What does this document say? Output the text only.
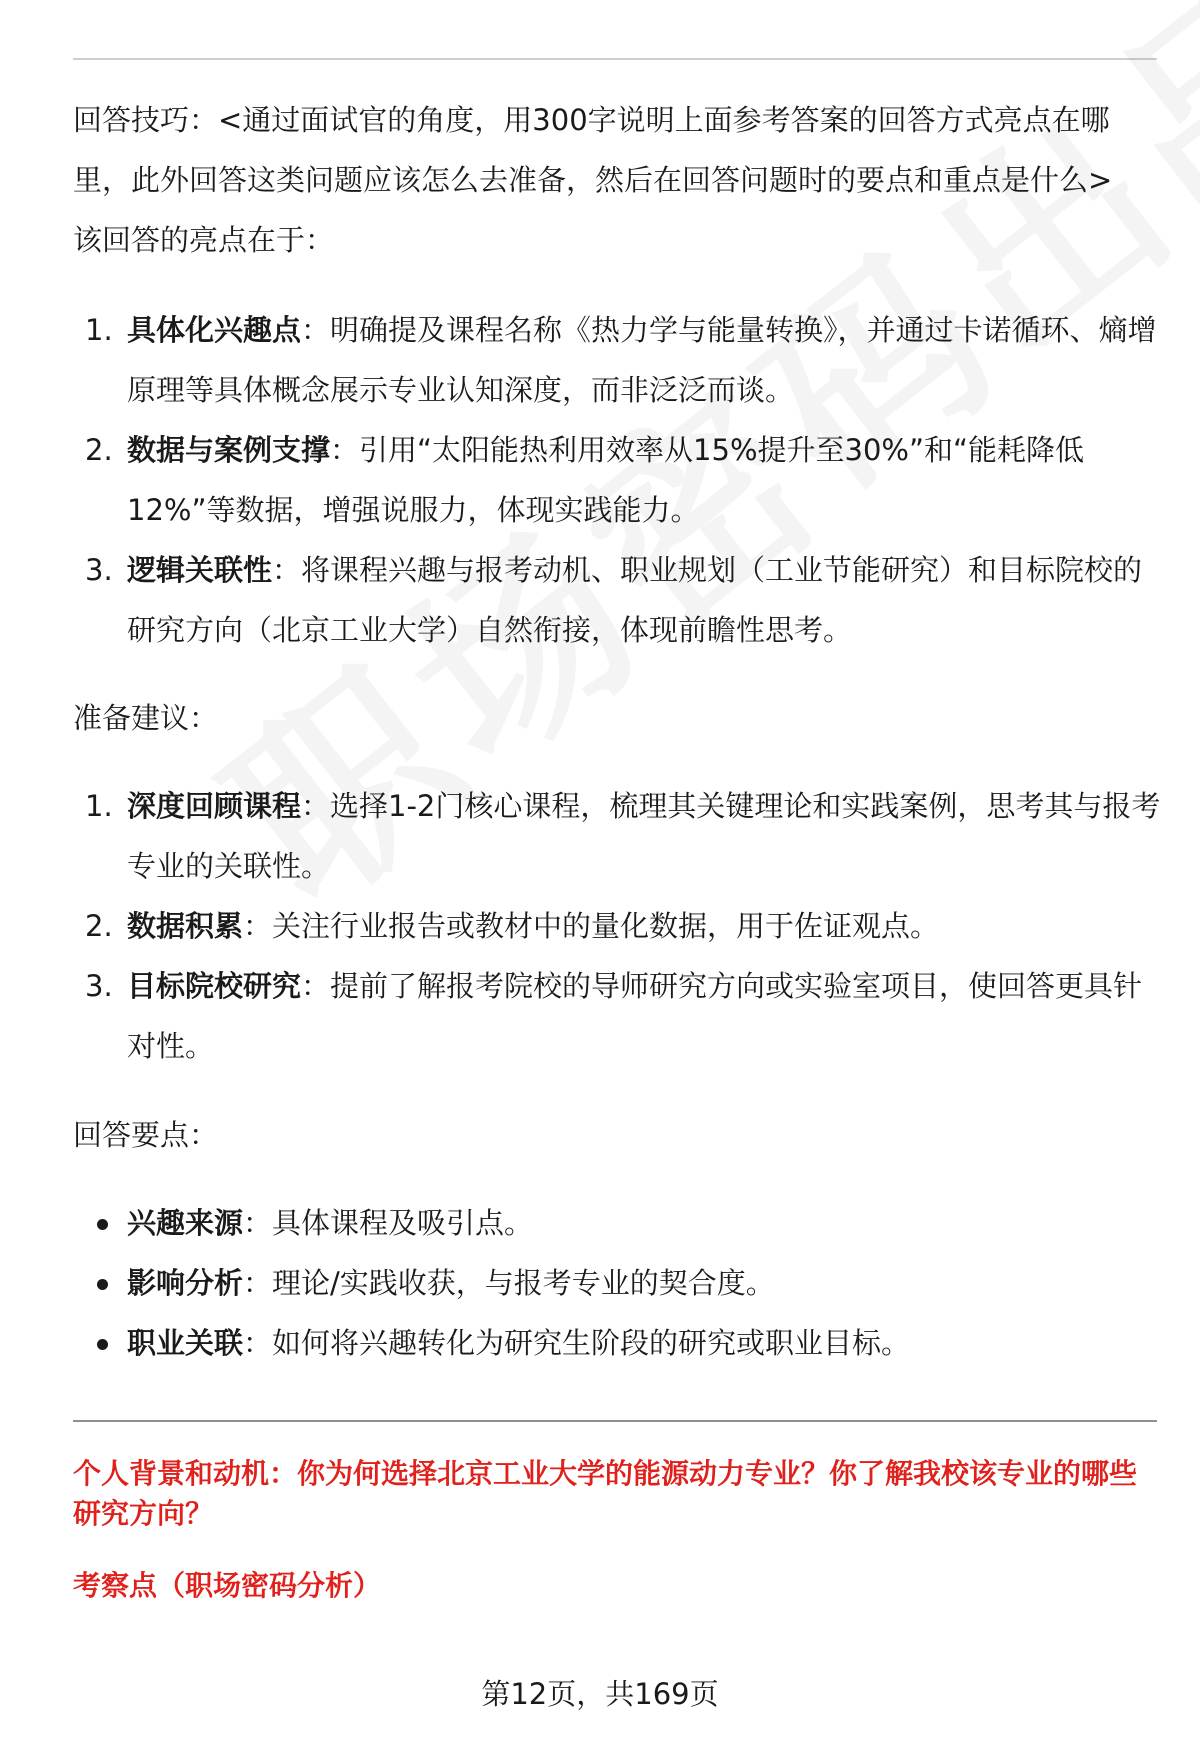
回答技巧：<通过面试官的角度，用300字说明上面参考答案的回答方式亮点在哪里，此外回答这类问题应该怎么去准备，然后在回答问题时的要点和重点是什么>
该回答的亮点在于：
1. 具体化兴趣点：明确提及课程名称《热力学与能量转换》，并通过卡诺循环、熵增原理等具体概念展示专业认知深度，而非泛泛而谈。
2. 数据与案例支撑：引用“太阳能热利用效率从15%提升至30%”和“能耗降低12%”等数据，增强说服力，体现实践能力。
3. 逻辑关联性：将课程兴趣与报考动机、职业规划（工业节能研究）和目标院校的研究方向（北京工业大学）自然衔接，体现前瞻性思考。
准备建议：
1. 深度回顾课程：选择1-2门核心课程，梳理其关键理论和实践案例，思考其与报考专业的关联性。
2. 数据积累：关注行业报告或教材中的量化数据，用于佐证观点。
3. 目标院校研究：提前了解报考院校的导师研究方向或实验室项目，使回答更具针对性。
回答要点：
兴趣来源：具体课程及吸引点。
影响分析：理论/实践收获，与报考专业的契合度。
职业关联：如何将兴趣转化为研究生阶段的研究或职业目标。
个人背景和动机：你为何选择北京工业大学的能源动力专业？你了解我校该专业的哪些研究方向？
考察点（职场密码分析）
第12页，共169页
